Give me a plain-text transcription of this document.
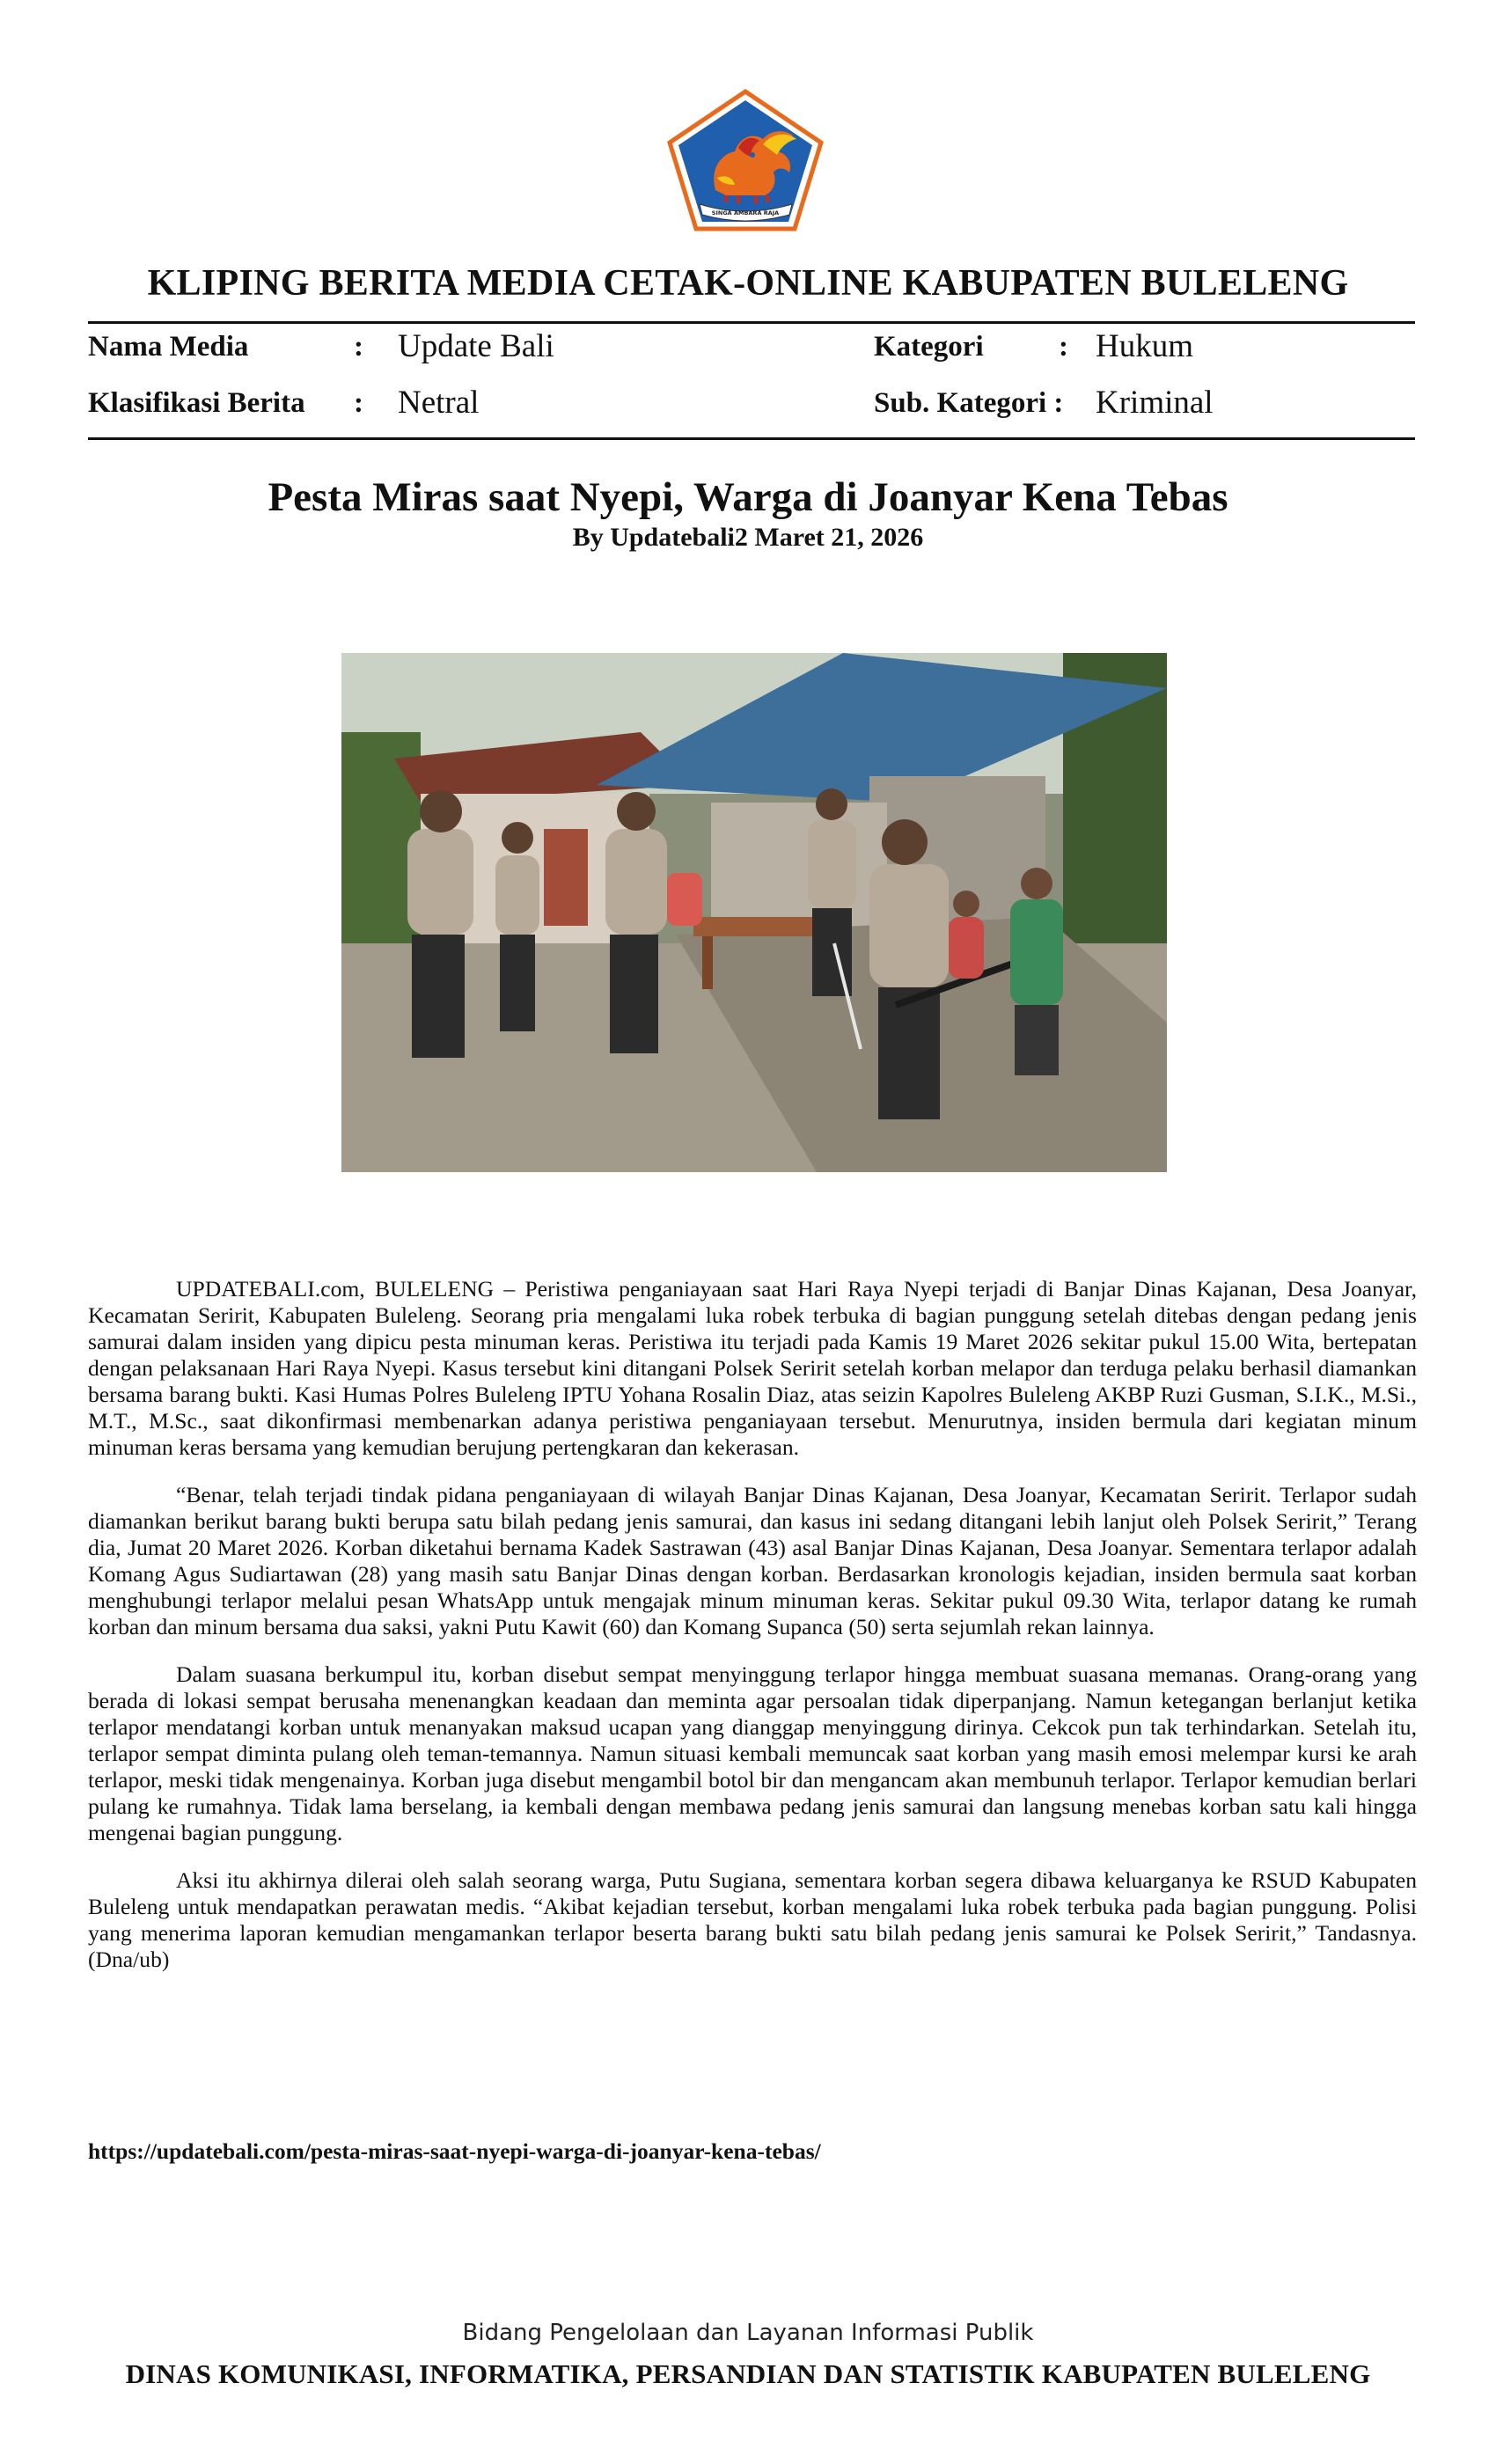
SINGA AMBARA RAJA
KLIPING BERITA MEDIA CETAK-ONLINE KABUPATEN BULELENG
Nama Media	: Update Bali	Kategori	: Hukum
Klasifikasi Berita : Netral	Sub. Kategori : Kriminal
Pesta Miras saat Nyepi, Warga di Joanyar Kena Tebas
By Updatebali2 Maret 21, 2026

UPDATEBALI.com, BULELENG – Peristiwa penganiayaan saat Hari Raya Nyepi terjadi di Banjar Dinas Kajanan, Desa Joanyar, Kecamatan Seririt, Kabupaten Buleleng. Seorang pria mengalami luka robek terbuka di bagian punggung setelah ditebas dengan pedang jenis samurai dalam insiden yang dipicu pesta minuman keras. Peristiwa itu terjadi pada Kamis 19 Maret 2026 sekitar pukul 15.00 Wita, bertepatan dengan pelaksanaan Hari Raya Nyepi. Kasus tersebut kini ditangani Polsek Seririt setelah korban melapor dan terduga pelaku berhasil diamankan bersama barang bukti. Kasi Humas Polres Buleleng IPTU Yohana Rosalin Diaz, atas seizin Kapolres Buleleng AKBP Ruzi Gusman, S.I.K., M.Si., M.T., M.Sc., saat dikonfirmasi membenarkan adanya peristiwa penganiayaan tersebut. Menurutnya, insiden bermula dari kegiatan minum minuman keras bersama yang kemudian berujung pertengkaran dan kekerasan.

“Benar, telah terjadi tindak pidana penganiayaan di wilayah Banjar Dinas Kajanan, Desa Joanyar, Kecamatan Seririt. Terlapor sudah diamankan berikut barang bukti berupa satu bilah pedang jenis samurai, dan kasus ini sedang ditangani lebih lanjut oleh Polsek Seririt,” Terang dia, Jumat 20 Maret 2026. Korban diketahui bernama Kadek Sastrawan (43) asal Banjar Dinas Kajanan, Desa Joanyar. Sementara terlapor adalah Komang Agus Sudiartawan (28) yang masih satu Banjar Dinas dengan korban. Berdasarkan kronologis kejadian, insiden bermula saat korban menghubungi terlapor melalui pesan WhatsApp untuk mengajak minum minuman keras. Sekitar pukul 09.30 Wita, terlapor datang ke rumah korban dan minum bersama dua saksi, yakni Putu Kawit (60) dan Komang Supanca (50) serta sejumlah rekan lainnya.

Dalam suasana berkumpul itu, korban disebut sempat menyinggung terlapor hingga membuat suasana memanas. Orang-orang yang berada di lokasi sempat berusaha menenangkan keadaan dan meminta agar persoalan tidak diperpanjang. Namun ketegangan berlanjut ketika terlapor mendatangi korban untuk menanyakan maksud ucapan yang dianggap menyinggung dirinya. Cekcok pun tak terhindarkan. Setelah itu, terlapor sempat diminta pulang oleh teman-temannya. Namun situasi kembali memuncak saat korban yang masih emosi melempar kursi ke arah terlapor, meski tidak mengenainya. Korban juga disebut mengambil botol bir dan mengancam akan membunuh terlapor. Terlapor kemudian berlari pulang ke rumahnya. Tidak lama berselang, ia kembali dengan membawa pedang jenis samurai dan langsung menebas korban satu kali hingga mengenai bagian punggung.

Aksi itu akhirnya dilerai oleh salah seorang warga, Putu Sugiana, sementara korban segera dibawa keluarganya ke RSUD Kabupaten Buleleng untuk mendapatkan perawatan medis. “Akibat kejadian tersebut, korban mengalami luka robek terbuka pada bagian punggung. Polisi yang menerima laporan kemudian mengamankan terlapor beserta barang bukti satu bilah pedang jenis samurai ke Polsek Seririt,” Tandasnya.(Dna/ub)

https://updatebali.com/pesta-miras-saat-nyepi-warga-di-joanyar-kena-tebas/
Bidang Pengelolaan dan Layanan Informasi Publik
DINAS KOMUNIKASI, INFORMATIKA, PERSANDIAN DAN STATISTIK KABUPATEN BULELENG
